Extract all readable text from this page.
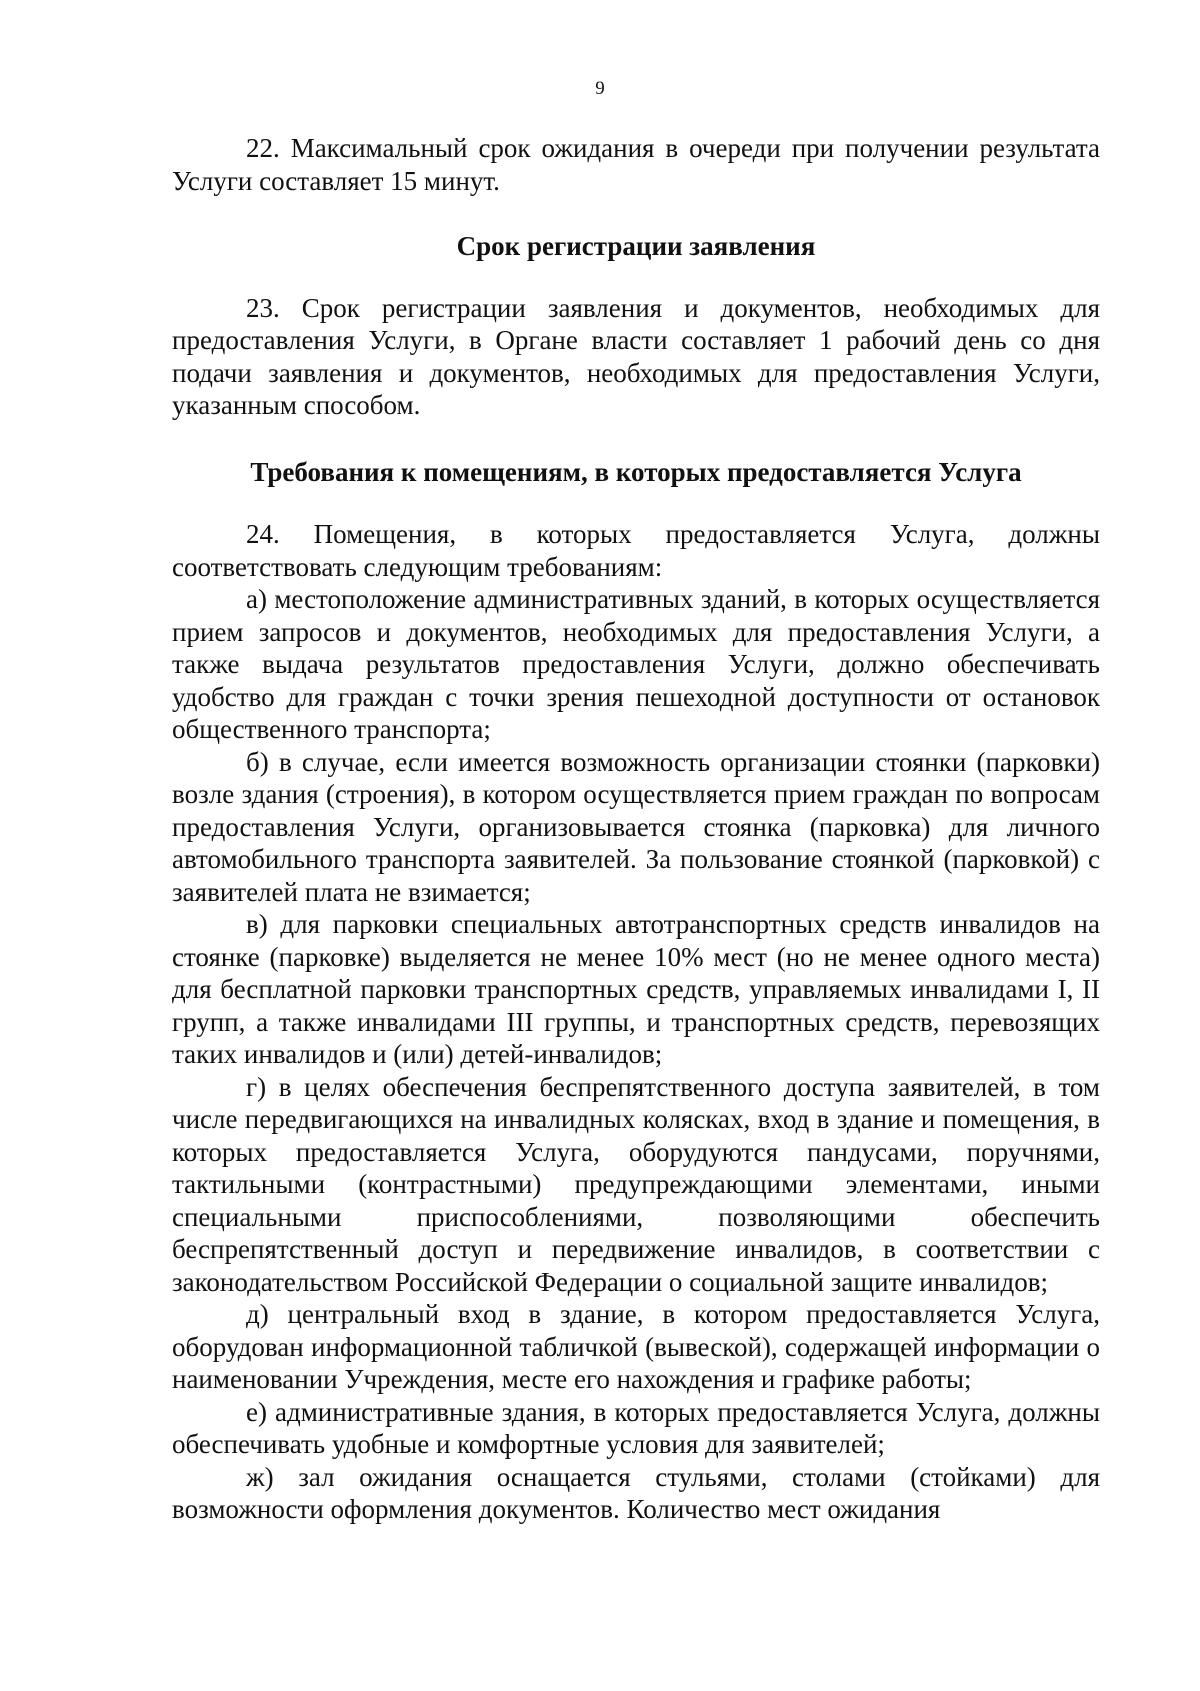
9

22. Максимальный срок ожидания в очереди при получении результата Услуги составляет 15 минут.

Срок регистрации заявления

23. Срок регистрации заявления и документов, необходимых для предоставления Услуги, в Органе власти составляет 1 рабочий день со дня подачи заявления и документов, необходимых для предоставления Услуги, указанным способом.

Требования к помещениям, в которых предоставляется Услуга

24. Помещения, в которых предоставляется Услуга, должны соответствовать следующим требованиям:

а) местоположение административных зданий, в которых осуществляется прием запросов и документов, необходимых для предоставления Услуги, а также выдача результатов предоставления Услуги, должно обеспечивать удобство для граждан с точки зрения пешеходной доступности от остановок общественного транспорта;

б) в случае, если имеется возможность организации стоянки (парковки) возле здания (строения), в котором осуществляется прием граждан по вопросам предоставления Услуги, организовывается стоянка (парковка) для личного автомобильного транспорта заявителей. За пользование стоянкой (парковкой) с заявителей плата не взимается;

в) для парковки специальных автотранспортных средств инвалидов на стоянке (парковке) выделяется не менее 10% мест (но не менее одного места) для бесплатной парковки транспортных средств, управляемых инвалидами I, II групп, а также инвалидами III группы, и транспортных средств, перевозящих таких инвалидов и (или) детей-инвалидов;

г) в целях обеспечения беспрепятственного доступа заявителей, в том числе передвигающихся на инвалидных колясках, вход в здание и помещения, в которых предоставляется Услуга, оборудуются пандусами, поручнями, тактильными (контрастными) предупреждающими элементами, иными специальными приспособлениями, позволяющими обеспечить беспрепятственный доступ и передвижение инвалидов, в соответствии с законодательством Российской Федерации о социальной защите инвалидов;

д) центральный вход в здание, в котором предоставляется Услуга, оборудован информационной табличкой (вывеской), содержащей информации о наименовании Учреждения, месте его нахождения и графике работы;

е) административные здания, в которых предоставляется Услуга, должны обеспечивать удобные и комфортные условия для заявителей;

ж) зал ожидания оснащается стульями, столами (стойками) для возможности оформления документов. Количество мест ожидания
